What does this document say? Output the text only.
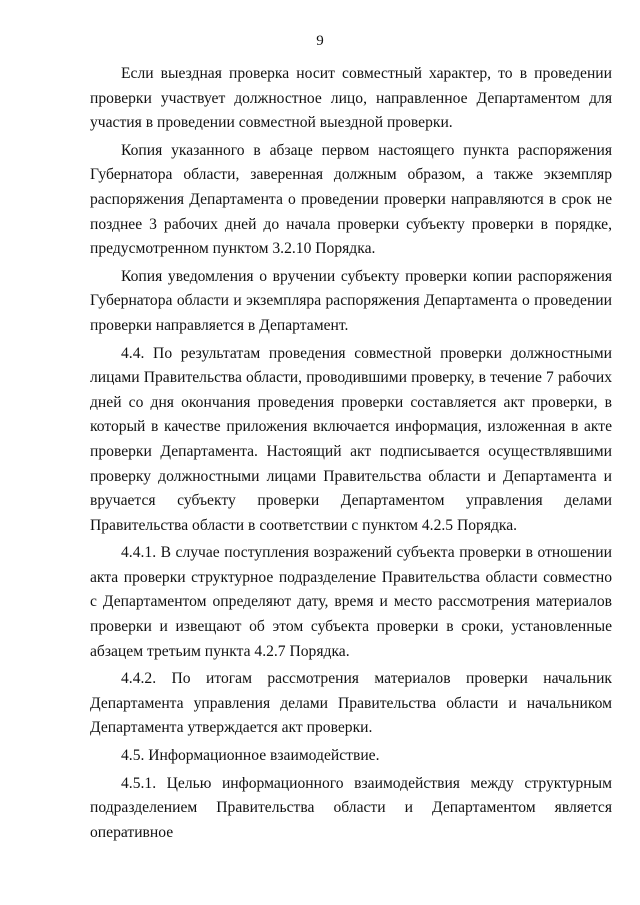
9

Если выездная проверка носит совместный характер, то в проведении проверки участвует должностное лицо, направленное Департаментом для участия в проведении совместной выездной проверки.

Копия указанного в абзаце первом настоящего пункта распоряжения Губернатора области, заверенная должным образом, а также экземпляр распоряжения Департамента о проведении проверки направляются в срок не позднее 3 рабочих дней до начала проверки субъекту проверки в порядке, предусмотренном пунктом 3.2.10 Порядка.

Копия уведомления о вручении субъекту проверки копии распоряжения Губернатора области и экземпляра распоряжения Департамента о проведении проверки направляется в Департамент.

4.4. По результатам проведения совместной проверки должностными лицами Правительства области, проводившими проверку, в течение 7 рабочих дней со дня окончания проведения проверки составляется акт проверки, в который в качестве приложения включается информация, изложенная в акте проверки Департамента. Настоящий акт подписывается осуществлявшими проверку должностными лицами Правительства области и Департамента и вручается субъекту проверки Департаментом управления делами Правительства области в соответствии с пунктом 4.2.5 Порядка.

4.4.1. В случае поступления возражений субъекта проверки в отношении акта проверки структурное подразделение Правительства области совместно с Департаментом определяют дату, время и место рассмотрения материалов проверки и извещают об этом субъекта проверки в сроки, установленные абзацем третьим пункта 4.2.7 Порядка.

4.4.2. По итогам рассмотрения материалов проверки начальник Департамента управления делами Правительства области и начальником Департамента утверждается акт проверки.

4.5. Информационное взаимодействие.

4.5.1. Целью информационного взаимодействия между структурным подразделением Правительства области и Департаментом является оперативное
